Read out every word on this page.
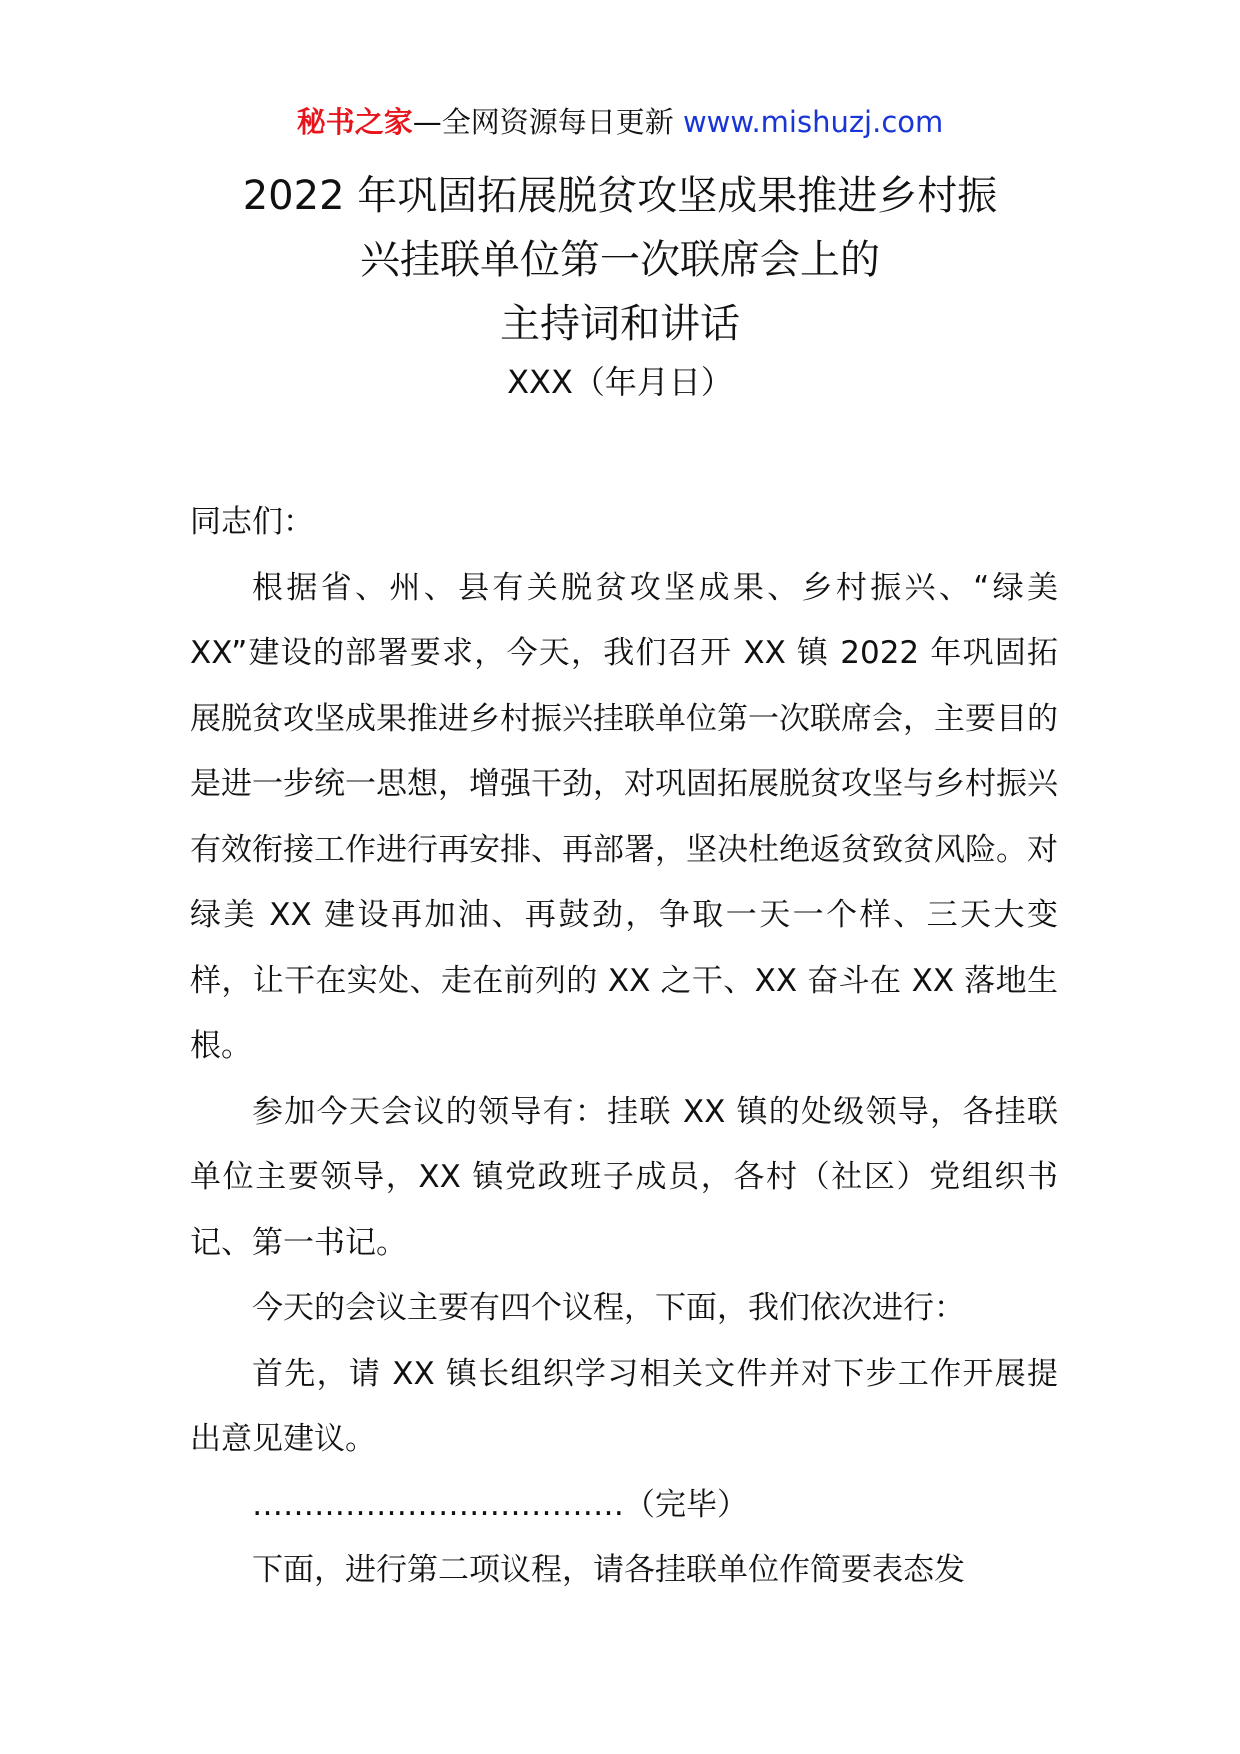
秘书之家—全网资源每日更新 www.mishuzj.com
2022 年巩固拓展脱贫攻坚成果推进乡村振
兴挂联单位第一次联席会上的
主持词和讲话
XXX（年月日）

同志们：

根据省、州、县有关脱贫攻坚成果、乡村振兴、“绿美 XX”建设的部署要求，今天，我们召开 XX 镇 2022 年巩固拓展脱贫攻坚成果推进乡村振兴挂联单位第一次联席会，主要目的是进一步统一思想，增强干劲，对巩固拓展脱贫攻坚与乡村振兴有效衔接工作进行再安排、再部署，坚决杜绝返贫致贫风险。对绿美 XX 建设再加油、再鼓劲，争取一天一个样、三天大变样，让干在实处、走在前列的 XX 之干、XX 奋斗在 XX 落地生根。

参加今天会议的领导有：挂联 XX 镇的处级领导，各挂联单位主要领导，XX 镇党政班子成员，各村（社区）党组织书记、第一书记。

今天的会议主要有四个议程，下面，我们依次进行：

首先，请 XX 镇长组织学习相关文件并对下步工作开展提出意见建议。

………………………………（完毕）

下面，进行第二项议程，请各挂联单位作简要表态发
